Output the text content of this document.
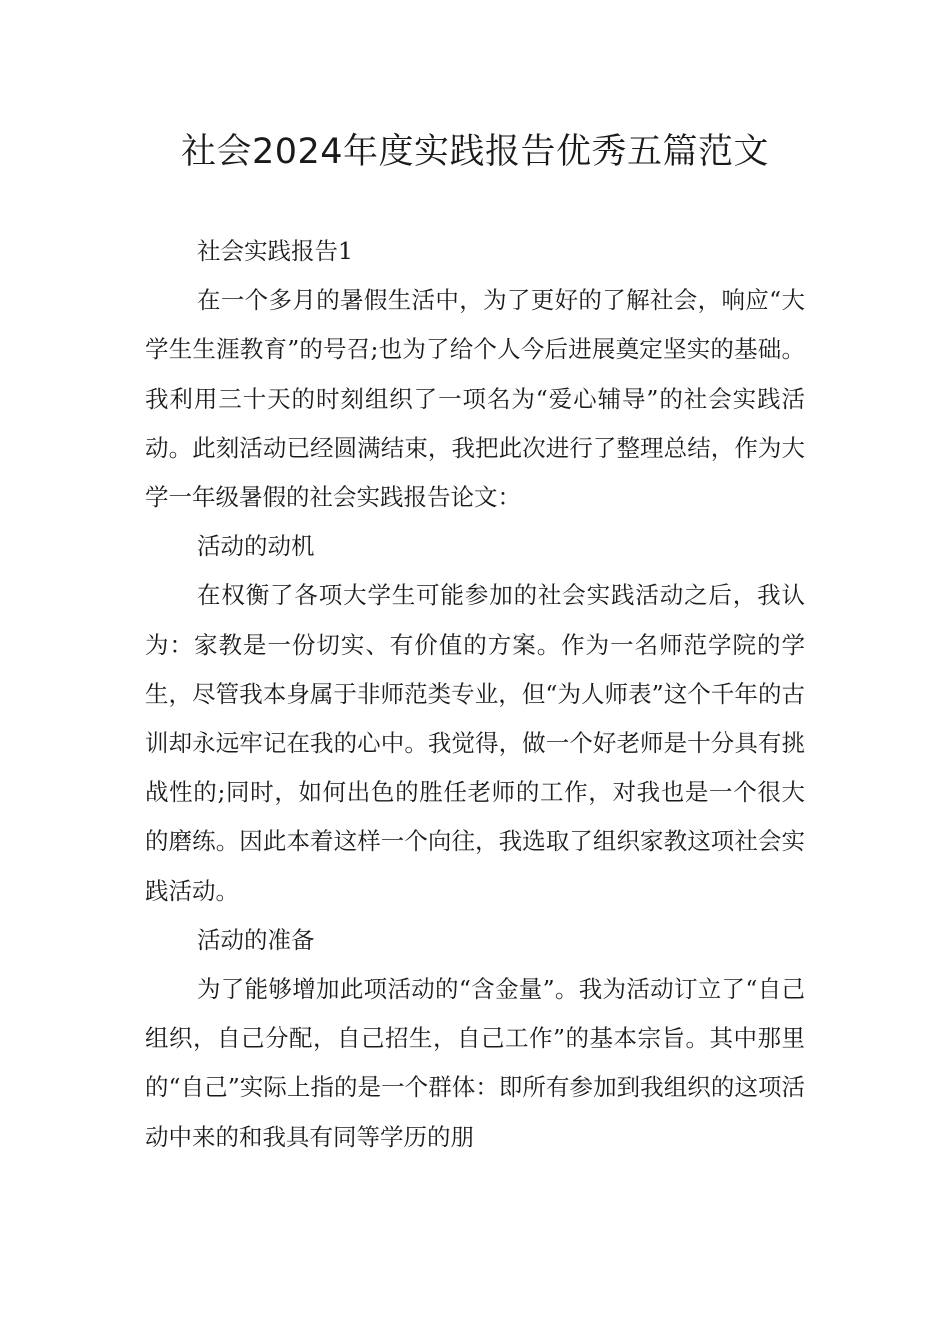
社会2024年度实践报告优秀五篇范文

社会实践报告1

在一个多月的暑假生活中，为了更好的了解社会，响应“大学生生涯教育”的号召;也为了给个人今后进展奠定坚实的基础。我利用三十天的时刻组织了一项名为“爱心辅导”的社会实践活动。此刻活动已经圆满结束，我把此次进行了整理总结，作为大学一年级暑假的社会实践报告论文：

活动的动机

在权衡了各项大学生可能参加的社会实践活动之后，我认为：家教是一份切实、有价值的方案。作为一名师范学院的学生，尽管我本身属于非师范类专业，但“为人师表”这个千年的古训却永远牢记在我的心中。我觉得，做一个好老师是十分具有挑战性的;同时，如何出色的胜任老师的工作，对我也是一个很大的磨练。因此本着这样一个向往，我选取了组织家教这项社会实践活动。

活动的准备

为了能够增加此项活动的“含金量”。我为活动订立了“自己组织，自己分配，自己招生，自己工作”的基本宗旨。其中那里的“自己”实际上指的是一个群体：即所有参加到我组织的这项活动中来的和我具有同等学历的朋
